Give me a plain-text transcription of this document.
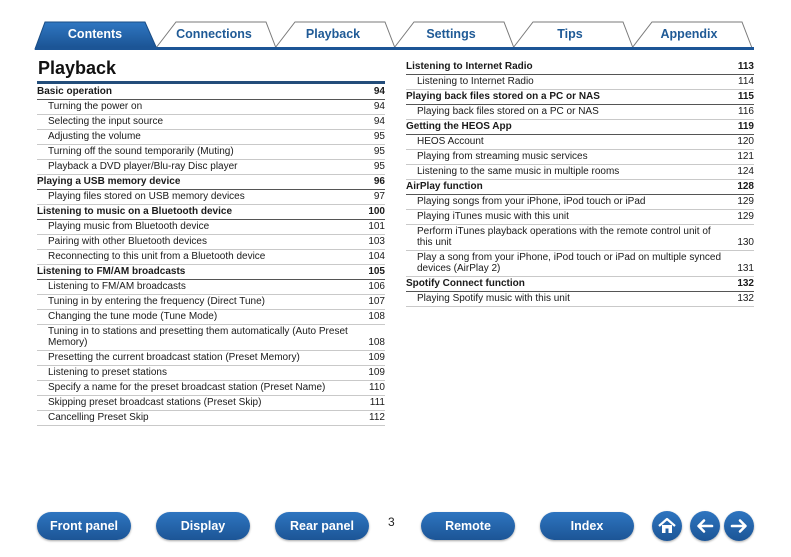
Contents	Connections	Playback	Settings	Tips	Appendix
Playback
Basic operation	94
Turning the power on	94
Selecting the input source	94
Adjusting the volume	95
Turning off the sound temporarily (Muting)	95
Playback a DVD player/Blu-ray Disc player	95
Playing a USB memory device	96
Playing files stored on USB memory devices	97
Listening to music on a Bluetooth device	100
Playing music from Bluetooth device	101
Pairing with other Bluetooth devices	103
Reconnecting to this unit from a Bluetooth device	104
Listening to FM/AM broadcasts	105
Listening to FM/AM broadcasts	106
Tuning in by entering the frequency (Direct Tune)	107
Changing the tune mode (Tune Mode)	108
Tuning in to stations and presetting them automatically (Auto Preset Memory)	108
Presetting the current broadcast station (Preset Memory)	109
Listening to preset stations	109
Specify a name for the preset broadcast station (Preset Name)	110
Skipping preset broadcast stations (Preset Skip)	111
Cancelling Preset Skip	112
Listening to Internet Radio	113
Listening to Internet Radio	114
Playing back files stored on a PC or NAS	115
Playing back files stored on a PC or NAS	116
Getting the HEOS App	119
HEOS Account	120
Playing from streaming music services	121
Listening to the same music in multiple rooms	124
AirPlay function	128
Playing songs from your iPhone, iPod touch or iPad	129
Playing iTunes music with this unit	129
Perform iTunes playback operations with the remote control unit of this unit	130
Play a song from your iPhone, iPod touch or iPad on multiple synced devices (AirPlay 2)	131
Spotify Connect function	132
Playing Spotify music with this unit	132
Front panel	Display	Rear panel	3	Remote	Index
